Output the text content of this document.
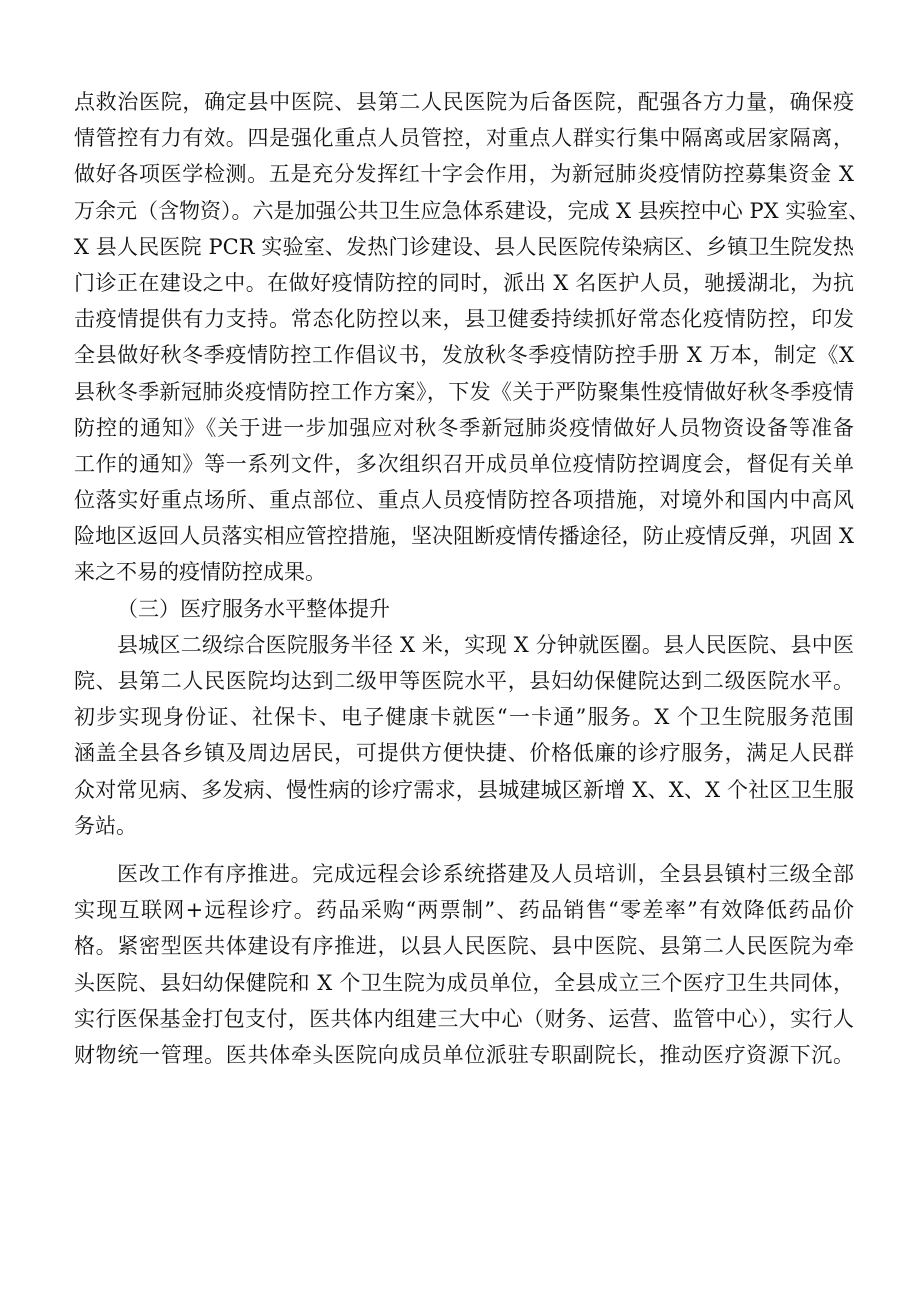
点救治医院，确定县中医院、县第二人民医院为后备医院，配强各方力量，确保疫
情管控有力有效。四是强化重点人员管控，对重点人群实行集中隔离或居家隔离，
做好各项医学检测。五是充分发挥红十字会作用，为新冠肺炎疫情防控募集资金 X
万余元（含物资）。六是加强公共卫生应急体系建设，完成 X 县疾控中心 PX 实验室、
X 县人民医院 PCR 实验室、发热门诊建设、县人民医院传染病区、乡镇卫生院发热
门诊正在建设之中。在做好疫情防控的同时，派出 X 名医护人员，驰援湖北，为抗
击疫情提供有力支持。常态化防控以来，县卫健委持续抓好常态化疫情防控，印发
全县做好秋冬季疫情防控工作倡议书，发放秋冬季疫情防控手册 X 万本，制定《X
县秋冬季新冠肺炎疫情防控工作方案》，下发《关于严防聚集性疫情做好秋冬季疫情
防控的通知》《关于进一步加强应对秋冬季新冠肺炎疫情做好人员物资设备等准备
工作的通知》等一系列文件，多次组织召开成员单位疫情防控调度会，督促有关单
位落实好重点场所、重点部位、重点人员疫情防控各项措施，对境外和国内中高风
险地区返回人员落实相应管控措施，坚决阻断疫情传播途径，防止疫情反弹，巩固 X
来之不易的疫情防控成果。
（三）医疗服务水平整体提升
县城区二级综合医院服务半径 X 米，实现 X 分钟就医圈。县人民医院、县中医
院、县第二人民医院均达到二级甲等医院水平，县妇幼保健院达到二级医院水平。
初步实现身份证、社保卡、电子健康卡就医“一卡通”服务。X 个卫生院服务范围
涵盖全县各乡镇及周边居民，可提供方便快捷、价格低廉的诊疗服务，满足人民群
众对常见病、多发病、慢性病的诊疗需求，县城建城区新增 X、X、X 个社区卫生服
务站。
医改工作有序推进。完成远程会诊系统搭建及人员培训，全县县镇村三级全部
实现互联网+远程诊疗。药品采购“两票制”、药品销售“零差率”有效降低药品价
格。紧密型医共体建设有序推进，以县人民医院、县中医院、县第二人民医院为牵
头医院、县妇幼保健院和 X 个卫生院为成员单位，全县成立三个医疗卫生共同体，
实行医保基金打包支付，医共体内组建三大中心（财务、运营、监管中心），实行人
财物统一管理。医共体牵头医院向成员单位派驻专职副院长，推动医疗资源下沉。
